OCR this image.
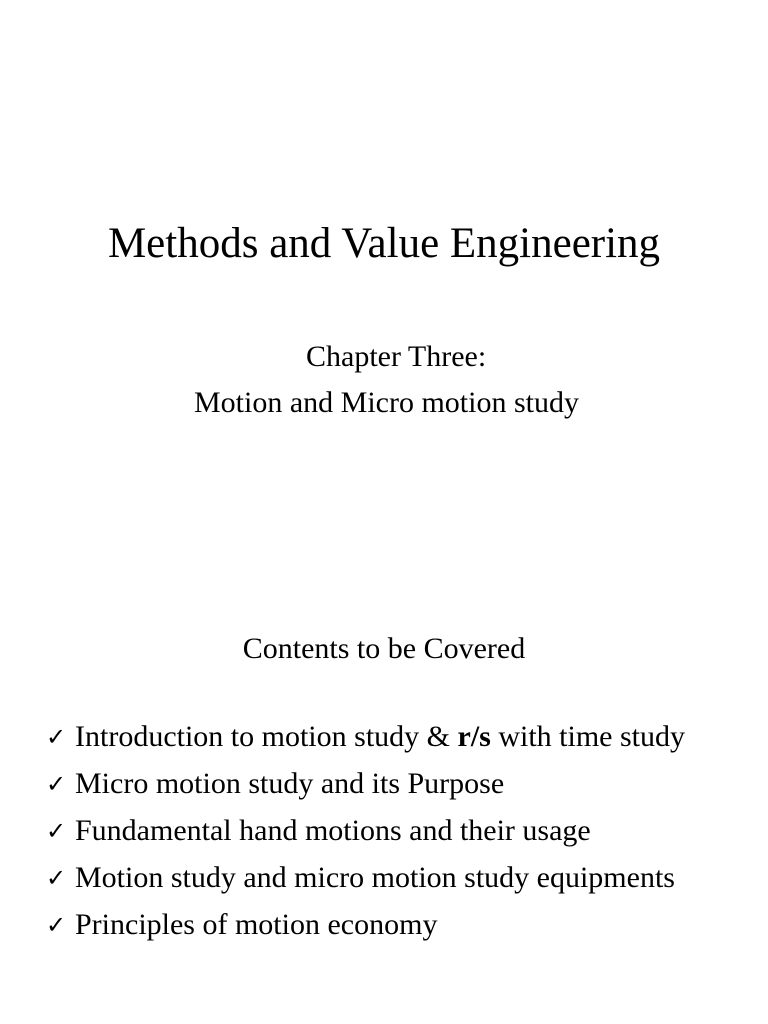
Methods and Value Engineering
Chapter Three:
Motion and Micro motion study
Contents to be Covered
✓ Introduction to motion study & r/s with time study
✓ Micro motion study and its Purpose
✓ Fundamental hand motions and their usage
✓ Motion study and micro motion study equipments
✓ Principles of motion economy
